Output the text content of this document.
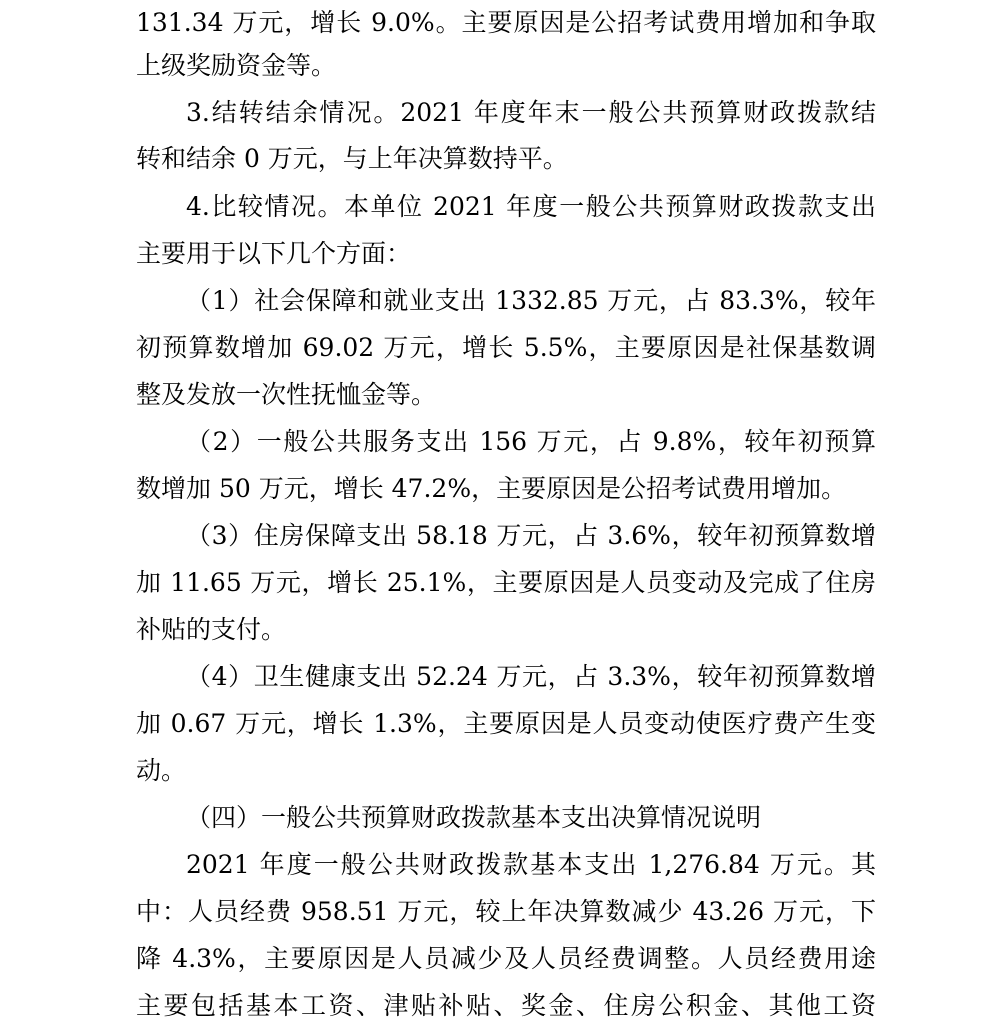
131.34 万元，增长 9.0%。主要原因是公招考试费用增加和争取
上级奖励资金等。
3.结转结余情况。2021 年度年末一般公共预算财政拨款结
转和结余 0 万元，与上年决算数持平。
4.比较情况。本单位 2021 年度一般公共预算财政拨款支出
主要用于以下几个方面：
（1）社会保障和就业支出 1332.85 万元，占 83.3%，较年
初预算数增加 69.02 万元，增长 5.5%，主要原因是社保基数调
整及发放一次性抚恤金等。
（2）一般公共服务支出 156 万元，占 9.8%，较年初预算
数增加 50 万元，增长 47.2%，主要原因是公招考试费用增加。
（3）住房保障支出 58.18 万元，占 3.6%，较年初预算数增
加 11.65 万元，增长 25.1%，主要原因是人员变动及完成了住房
补贴的支付。
（4）卫生健康支出 52.24 万元，占 3.3%，较年初预算数增
加 0.67 万元，增长 1.3%，主要原因是人员变动使医疗费产生变
动。
（四）一般公共预算财政拨款基本支出决算情况说明
2021 年度一般公共财政拨款基本支出 1,276.84 万元。其
中：人员经费 958.51 万元，较上年决算数减少 43.26 万元，下
降 4.3%，主要原因是人员减少及人员经费调整。人员经费用途
主要包括基本工资、津贴补贴、奖金、住房公积金、其他工资
